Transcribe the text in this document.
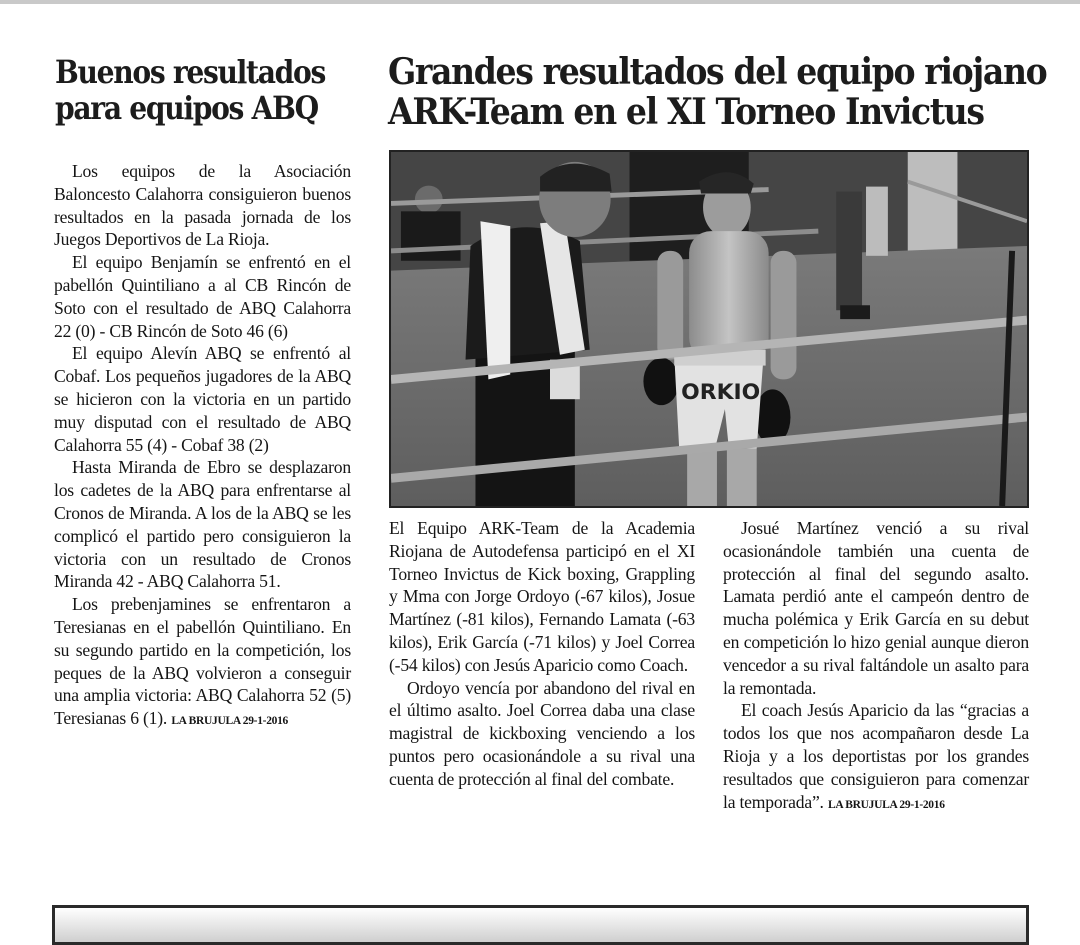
Buenos resultados
para equipos ABQ

Los equipos de la Asociación Baloncesto Calahorra consiguieron buenos resultados en la pasada jornada de los Juegos Deportivos de La Rioja.

El equipo Benjamín se enfrentó en el pabellón Quintiliano a al CB Rincón de Soto con el resultado de ABQ Calahorra 22 (0) - CB Rincón de Soto 46 (6)

El equipo Alevín ABQ se enfrentó al Cobaf. Los pequeños jugadores de la ABQ se hicieron con la victoria en un partido muy disputad con el resultado de ABQ Calahorra 55 (4) - Cobaf 38 (2)

Hasta Miranda de Ebro se desplazaron los cadetes de la ABQ para enfrentarse al Cronos de Miranda. A los de la ABQ se les complicó el partido pero consiguieron la victoria con un resultado de Cronos Miranda 42 - ABQ Calahorra 51.

Los prebenjamines se enfrentaron a Teresianas en el pabellón Quintiliano. En su segundo partido en la competición, los peques de la ABQ volvieron a conseguir una amplia victoria: ABQ Calahorra 52 (5) Teresianas 6 (1). LA BRUJULA 29-1-2016

Grandes resultados del equipo riojano
ARK-Team en el XI Torneo Invictus
ORKIO

El Equipo ARK-Team de la Academia Riojana de Autodefensa participó en el XI Torneo Invictus de Kick boxing, Grappling y Mma con Jorge Ordoyo (-67 kilos), Josue Martínez (-81 kilos), Fernando Lamata (-63 kilos), Erik García (-71 kilos) y Joel Correa (-54 kilos) con Jesús Aparicio como Coach.

Ordoyo vencía por abandono del rival en el último asalto. Joel Correa daba una clase magistral de kickboxing venciendo a los puntos pero ocasionándole a su rival una cuenta de protección al final del combate.

Josué Martínez venció a su rival ocasionándole también una cuenta de protección al final del segundo asalto. Lamata perdió ante el campeón dentro de mucha polémica y Erik García en su debut en competición lo hizo genial aunque dieron vencedor a su rival faltándole un asalto para la remontada.

El coach Jesús Aparicio da las “gracias a todos los que nos acompañaron desde La Rioja y a los deportistas por los grandes resultados que consiguieron para comenzar la temporada”. LA BRUJULA 29-1-2016
